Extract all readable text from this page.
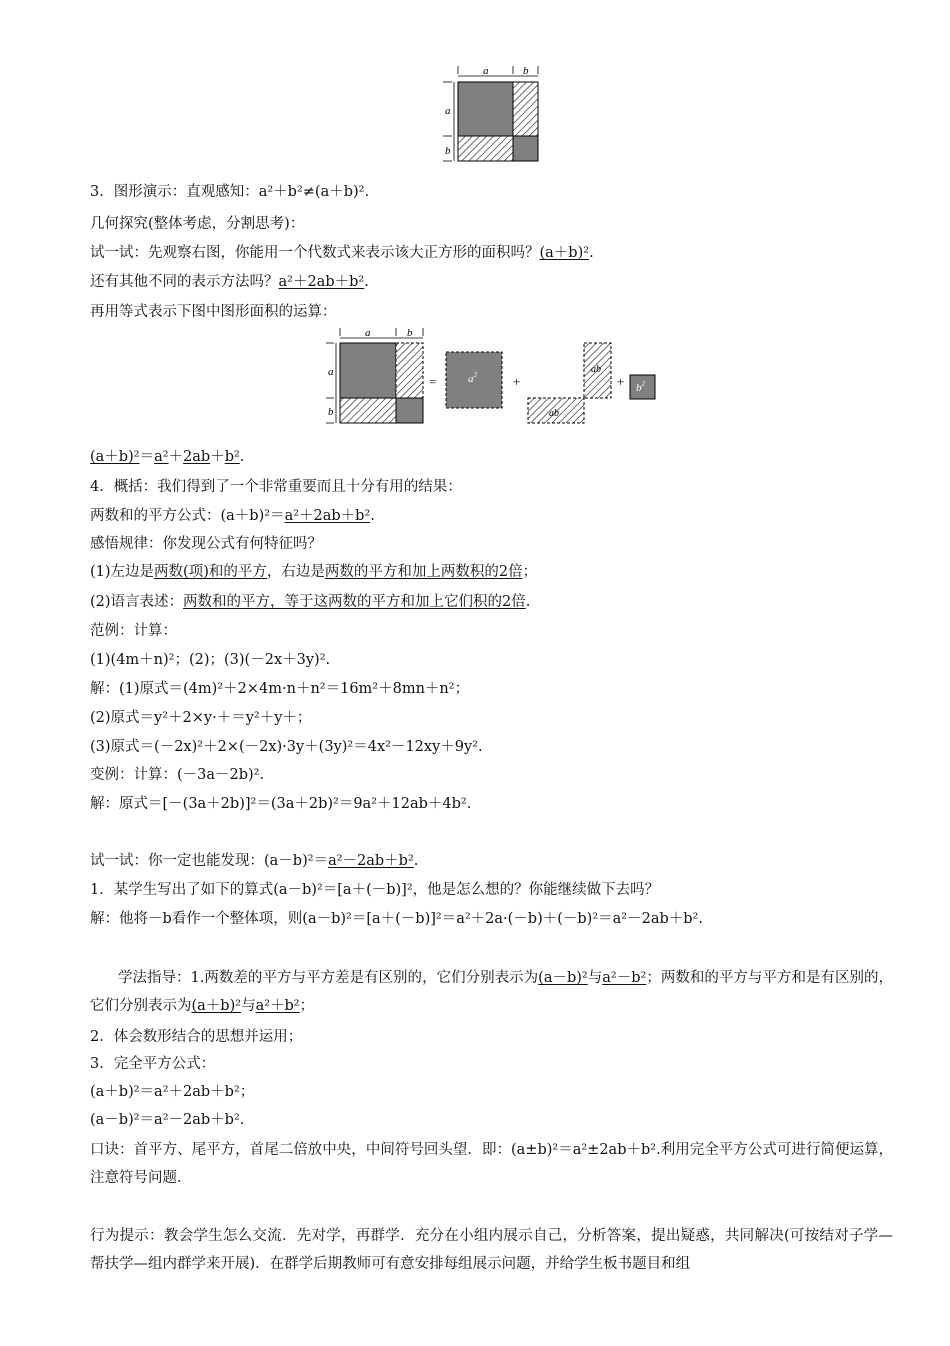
a	b
a
b
3．图形演示：直观感知：a²＋b²≠(a＋b)².
几何探究(整体考虑，分割思考)：
试一试：先观察右图，你能用一个代数式来表示该大正方形的面积吗？(a＋b)².
还有其他不同的表示方法吗？a²＋2ab＋b².
再用等式表示下图中图形面积的运算：
a	b
a
b
=	$a^2$	+
ab
ab
+ $b^2$
(a＋b)²＝a²＋2ab＋b².
4．概括：我们得到了一个非常重要而且十分有用的结果：
两数和的平方公式：(a＋b)²＝a²＋2ab＋b².
感悟规律：你发现公式有何特征吗？
(1)左边是两数(项)和的平方，右边是两数的平方和加上两数积的2倍；
(2)语言表述：两数和的平方，等于这两数的平方和加上它们积的2倍.
范例：计算：
(1)(4m＋n)²；(2)；(3)(－2x＋3y)².
解：(1)原式＝(4m)²＋2×4m·n＋n²＝16m²＋8mn＋n²；
(2)原式＝y²＋2×y·＋＝y²＋y＋；
(3)原式＝(－2x)²＋2×(－2x)·3y＋(3y)²＝4x²－12xy＋9y².
变例：计算：(－3a－2b)².
解：原式＝[－(3a＋2b)]²＝(3a＋2b)²＝9a²＋12ab＋4b².
试一试：你一定也能发现：(a－b)²＝a²－2ab＋b².
1．某学生写出了如下的算式(a－b)²＝[a＋(－b)]²，他是怎么想的？你能继续做下去吗？
解：他将－b看作一个整体项，则(a－b)²＝[a＋(－b)]²＝a²＋2a·(－b)＋(－b)²＝a²－2ab＋b².
学法指导：1.两数差的平方与平方差是有区别的，它们分别表示为(a－b)²与a²－b²；两数和的平方与平方和是有区别的，它们分别表示为(a＋b)²与a²＋b²；
2．体会数形结合的思想并运用；
3．完全平方公式：
(a＋b)²＝a²＋2ab＋b²；
(a－b)²＝a²－2ab＋b².
口诀：首平方、尾平方，首尾二倍放中央，中间符号回头望．即：(a±b)²＝a²±2ab＋b².利用完全平方公式可进行简便运算，注意符号问题．
行为提示：教会学生怎么交流．先对学，再群学．充分在小组内展示自己，分析答案，提出疑惑，共同解决(可按结对子学—帮扶学—组内群学来开展)．在群学后期教师可有意安排每组展示问题，并给学生板书题目和组
